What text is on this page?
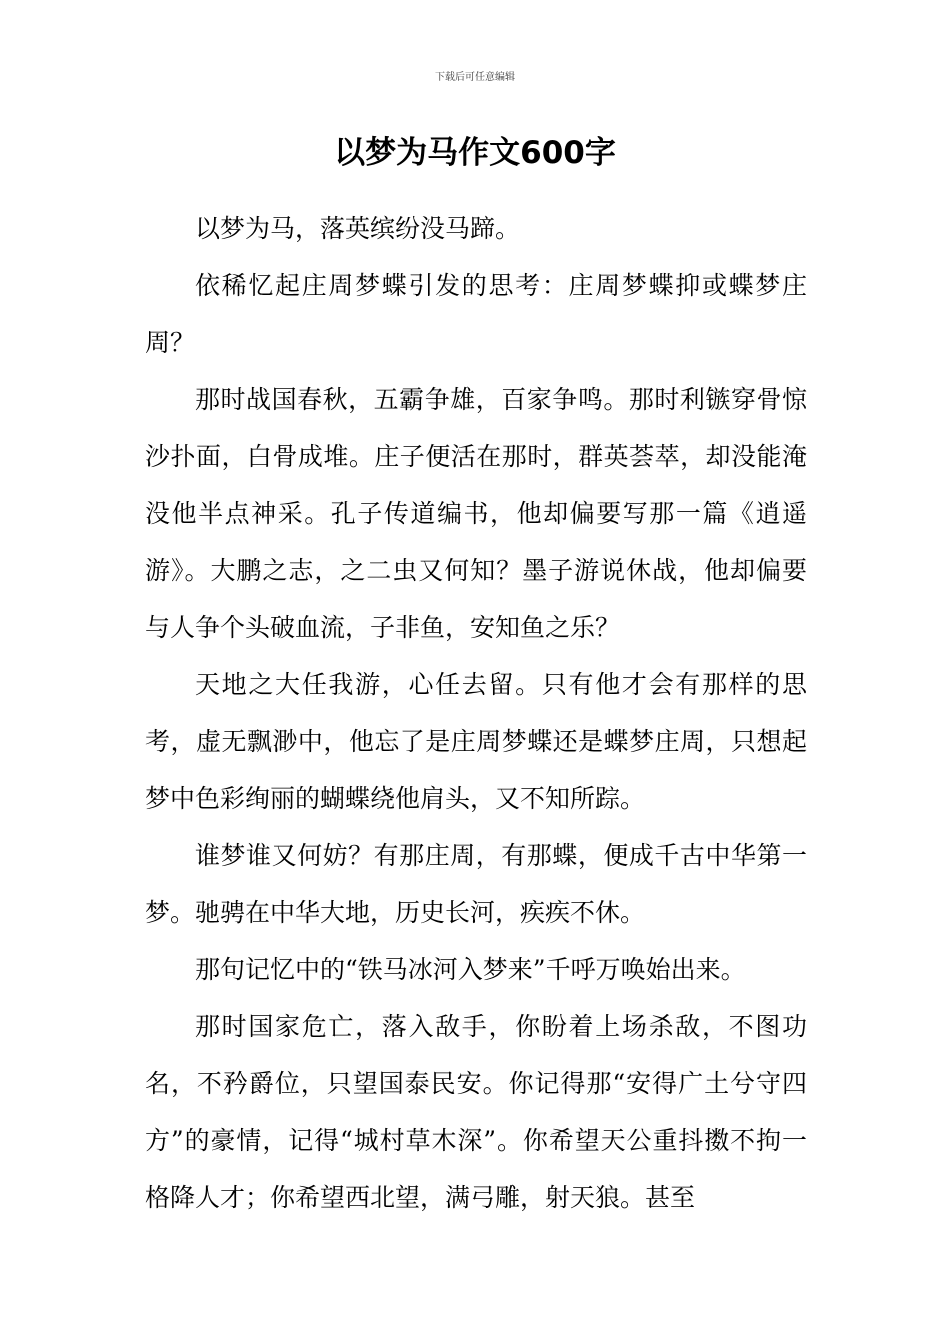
下载后可任意编辑
以梦为马作文600字

以梦为马，落英缤纷没马蹄。

依稀忆起庄周梦蝶引发的思考：庄周梦蝶抑或蝶梦庄周？

那时战国春秋，五霸争雄，百家争鸣。那时利镞穿骨惊沙扑面，白骨成堆。庄子便活在那时，群英荟萃，却没能淹没他半点神采。孔子传道编书，他却偏要写那一篇《逍遥游》。大鹏之志，之二虫又何知？墨子游说休战，他却偏要与人争个头破血流，子非鱼，安知鱼之乐？

天地之大任我游，心任去留。只有他才会有那样的思考，虚无飘渺中，他忘了是庄周梦蝶还是蝶梦庄周，只想起梦中色彩绚丽的蝴蝶绕他肩头，又不知所踪。

谁梦谁又何妨？有那庄周，有那蝶，便成千古中华第一梦。驰骋在中华大地，历史长河，疾疾不休。

那句记忆中的“铁马冰河入梦来”千呼万唤始出来。

那时国家危亡，落入敌手，你盼着上场杀敌，不图功名，不矜爵位，只望国泰民安。你记得那“安得广土兮守四方”的豪情，记得“城村草木深”。你希望天公重抖擞不拘一格降人才；你希望西北望，满弓雕，射天狼。甚至
